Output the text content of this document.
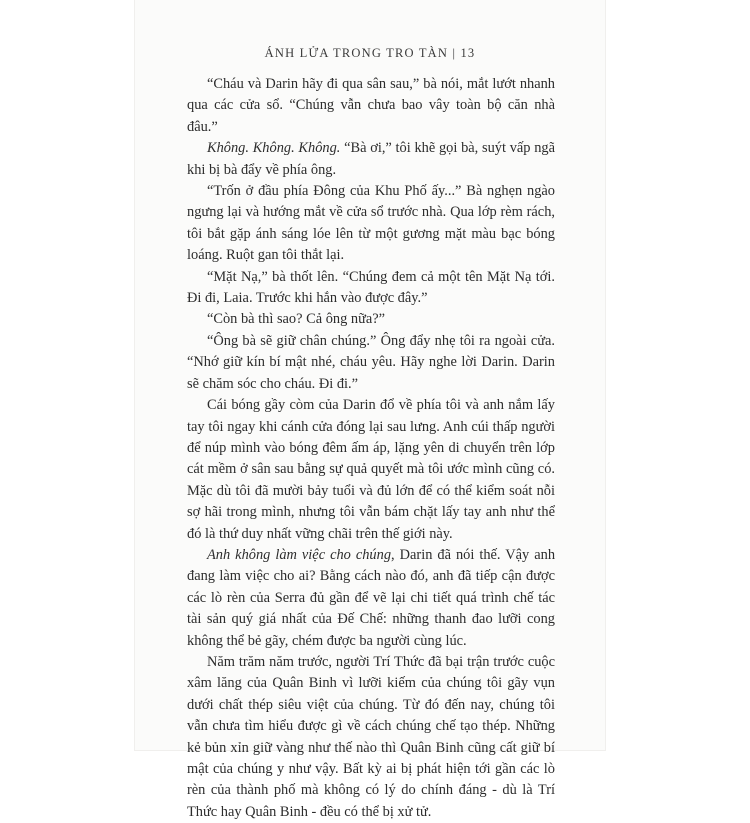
ÁNH LỬA TRONG TRO TÀN | 13

“Cháu và Darin hãy đi qua sân sau,” bà nói, mắt lướt nhanh qua các cửa sổ. “Chúng vẫn chưa bao vây toàn bộ căn nhà đâu.”

Không. Không. Không. “Bà ơi,” tôi khẽ gọi bà, suýt vấp ngã khi bị bà đẩy về phía ông.

“Trốn ở đầu phía Đông của Khu Phố ấy...” Bà nghẹn ngào ngưng lại và hướng mắt về cửa sổ trước nhà. Qua lớp rèm rách, tôi bắt gặp ánh sáng lóe lên từ một gương mặt màu bạc bóng loáng. Ruột gan tôi thắt lại.

“Mặt Nạ,” bà thốt lên. “Chúng đem cả một tên Mặt Nạ tới. Đi đi, Laia. Trước khi hắn vào được đây.”

“Còn bà thì sao? Cả ông nữa?”

“Ông bà sẽ giữ chân chúng.” Ông đẩy nhẹ tôi ra ngoài cửa. “Nhớ giữ kín bí mật nhé, cháu yêu. Hãy nghe lời Darin. Darin sẽ chăm sóc cho cháu. Đi đi.”

Cái bóng gầy còm của Darin đổ về phía tôi và anh nắm lấy tay tôi ngay khi cánh cửa đóng lại sau lưng. Anh cúi thấp người để núp mình vào bóng đêm ấm áp, lặng yên di chuyển trên lớp cát mềm ở sân sau bằng sự quả quyết mà tôi ước mình cũng có. Mặc dù tôi đã mười bảy tuổi và đủ lớn để có thể kiểm soát nỗi sợ hãi trong mình, nhưng tôi vẫn bám chặt lấy tay anh như thể đó là thứ duy nhất vững chãi trên thế giới này.

Anh không làm việc cho chúng, Darin đã nói thế. Vậy anh đang làm việc cho ai? Bằng cách nào đó, anh đã tiếp cận được các lò rèn của Serra đủ gần để vẽ lại chi tiết quá trình chế tác tài sản quý giá nhất của Đế Chế: những thanh đao lưỡi cong không thể bẻ gãy, chém được ba người cùng lúc.

Năm trăm năm trước, người Trí Thức đã bại trận trước cuộc xâm lăng của Quân Binh vì lưỡi kiếm của chúng tôi gãy vụn dưới chất thép siêu việt của chúng. Từ đó đến nay, chúng tôi vẫn chưa tìm hiểu được gì về cách chúng chế tạo thép. Những kẻ bủn xỉn giữ vàng như thế nào thì Quân Binh cũng cất giữ bí mật của chúng y như vậy. Bất kỳ ai bị phát hiện tới gần các lò rèn của thành phố mà không có lý do chính đáng - dù là Trí Thức hay Quân Binh - đều có thể bị xử tử.
